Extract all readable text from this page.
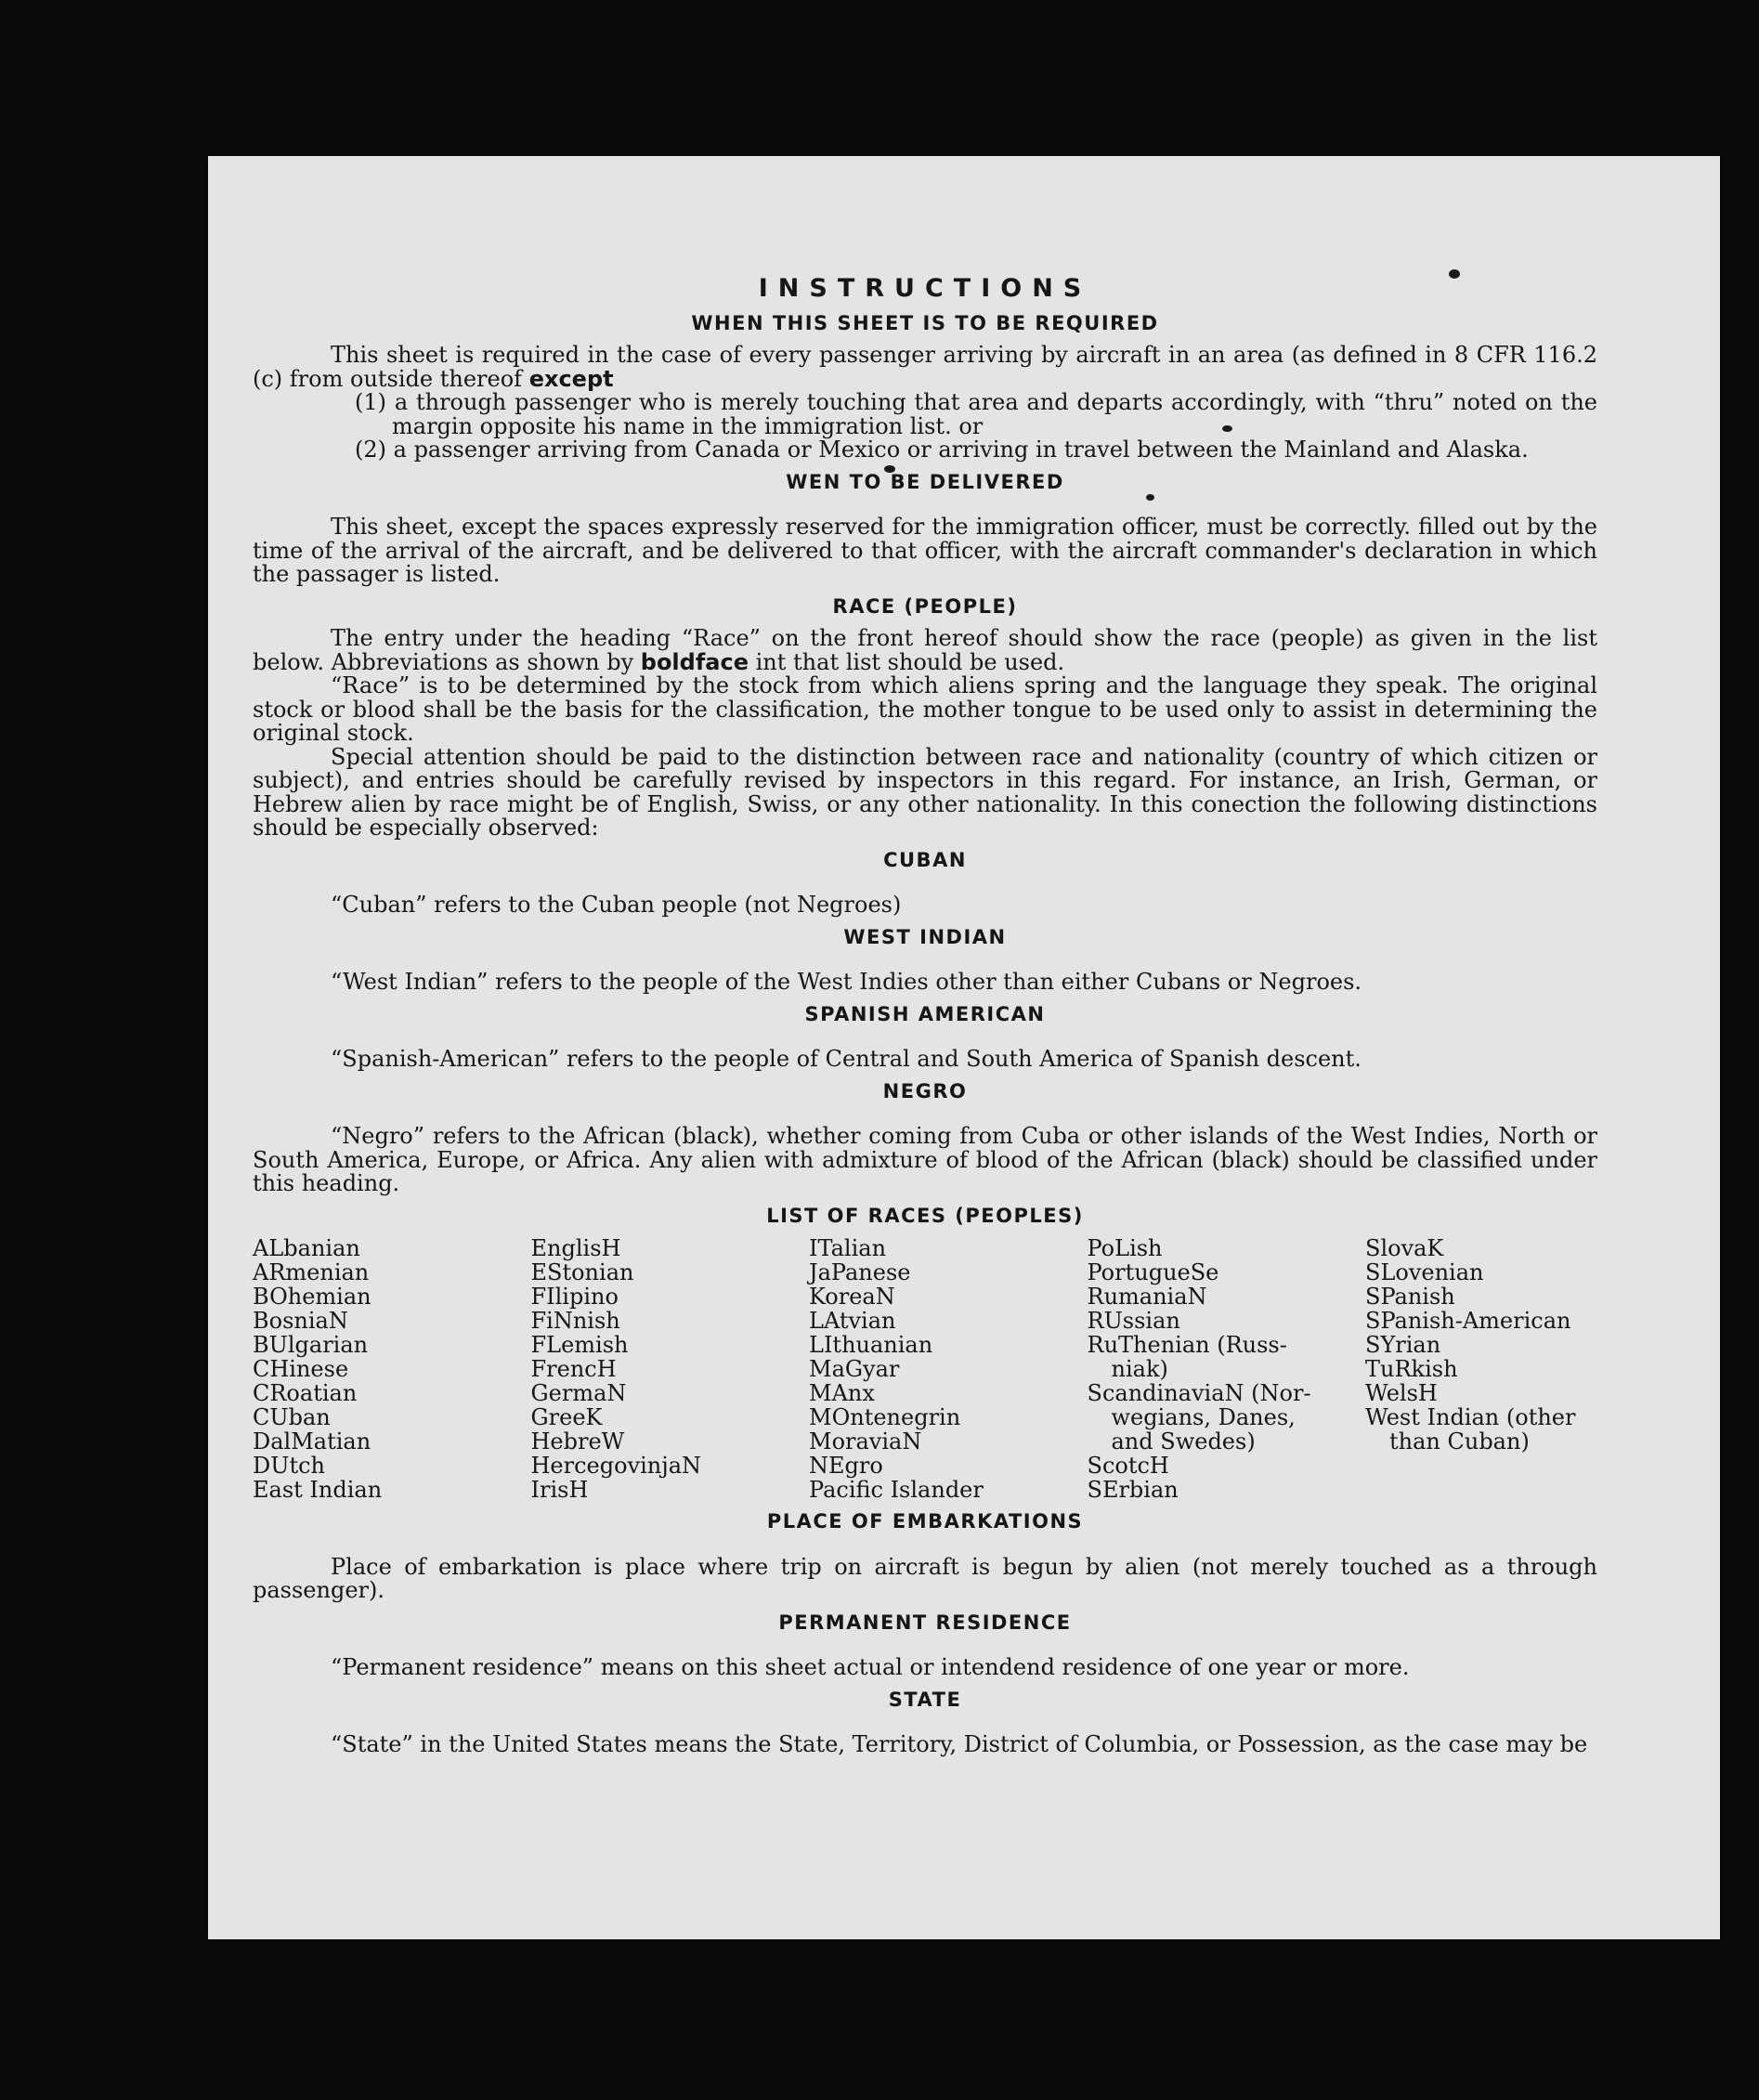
INSTRUCTIONS
WHEN THIS SHEET IS TO BE REQUIRED

This sheet is required in the case of every passenger arriving by aircraft in an area (as defined in 8 CFR 116.2 (c) from outside thereof except

(1) a through passenger who is merely touching that area and departs accordingly, with “thru” noted on the margin opposite his name in the immigration list. or
(2) a passenger arriving from Canada or Mexico or arriving in travel between the Mainland and Alaska.
WEN TO BE DELIVERED

This sheet, except the spaces expressly reserved for the immigration officer, must be correctly. filled out by the time of the arrival of the aircraft, and be delivered to that officer, with the aircraft commander's declaration in which the passager is listed.

RACE (PEOPLE)

The entry under the heading “Race” on the front hereof should show the race (people) as given in the list below. Abbreviations as shown by boldface int that list should be used.

“Race” is to be determined by the stock from which aliens spring and the language they speak. The original stock or blood shall be the basis for the classification, the mother tongue to be used only to assist in determining the original stock.

Special attention should be paid to the distinction between race and nationality (country of which citizen or subject), and entries should be carefully revised by inspectors in this regard. For instance, an Irish, German, or Hebrew alien by race might be of English, Swiss, or any other nationality. In this conection the following distinctions should be especially observed:

CUBAN

“Cuban” refers to the Cuban people (not Negroes)

WEST INDIAN

“West Indian” refers to the people of the West Indies other than either Cubans or Negroes.

SPANISH AMERICAN

“Spanish-American” refers to the people of Central and South America of Spanish descent.

NEGRO

“Negro” refers to the African (black), whether coming from Cuba or other islands of the West Indies, North or South America, Europe, or Africa. Any alien with admixture of blood of the African (black) should be classified under this heading.

LIST OF RACES (PEOPLES)
ALbanian
ARmenian
BOhemian
BosniaN
BUlgarian
CHinese
CRoatian
CUban
DalMatian
DUtch
East Indian
EnglisH
EStonian
FIlipino
FiNnish
FLemish
FrencH
GermaN
GreeK
HebreW
HercegovinjaN
IrisH
ITalian
JaPanese
KoreaN
LAtvian
LIthuanian
MaGyar
MAnx
MOntenegrin
MoraviaN
NEgro
Pacific Islander
PoLish
PortugueSe
RumaniaN
RUssian
RuThenian (Russ-
niak)
ScandinaviaN (Nor-
wegians, Danes,
and Swedes)
ScotcH
SErbian
SlovaK
SLovenian
SPanish
SPanish-American
SYrian
TuRkish
WelsH
West Indian (other
than Cuban)
PLACE OF EMBARKATIONS

Place of embarkation is place where trip on aircraft is begun by alien (not merely touched as a through passenger).

PERMANENT RESIDENCE

“Permanent residence” means on this sheet actual or intendend residence of one year or more.

STATE

“State” in the United States means the State, Territory, District of Columbia, or Possession, as the case may be
